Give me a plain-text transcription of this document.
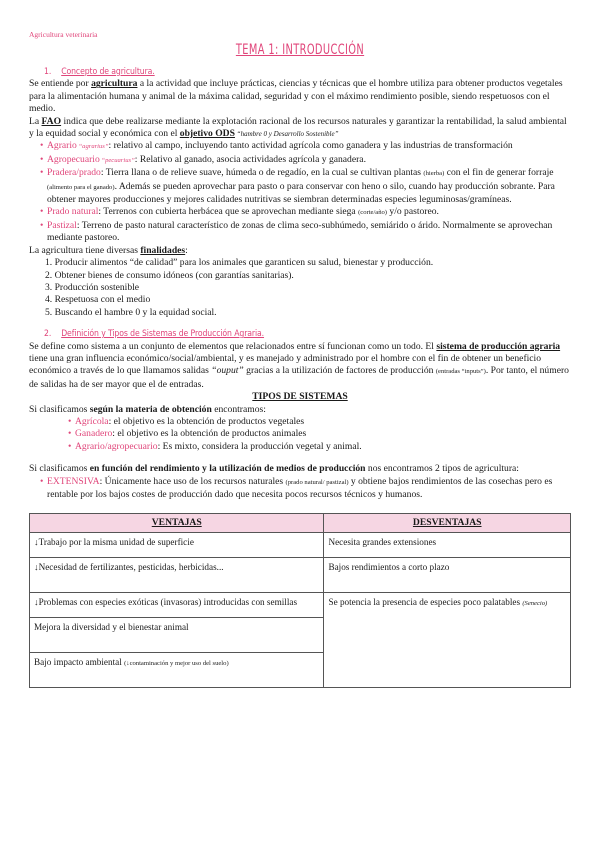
Agricultura veterinaria
TEMA 1: INTRODUCCIÓN
1. Concepto de agricultura.

Se entiende por agricultura a la actividad que incluye prácticas, ciencias y técnicas que el hombre utiliza para obtener productos vegetales para la alimentación humana y animal de la máxima calidad, seguridad y con el máximo rendimiento posible, siendo respetuosos con el medio.

La FAO indica que debe realizarse mediante la explotación racional de los recursos naturales y garantizar la rentabilidad, la salud ambiental y la equidad social y económica con el objetivo ODS “hambre 0 y Desarrollo Sostenible”

• Agrario “agrarius”: relativo al campo, incluyendo tanto actividad agrícola como ganadera y las industrias de transformación
• Agropecuario “pecuarius”: Relativo al ganado, asocia actividades agrícola y ganadera.
• Pradera/prado: Tierra llana o de relieve suave, húmeda o de regadío, en la cual se cultivan plantas (hierba) con el fin de generar forraje (alimento para el ganado). Además se pueden aprovechar para pasto o para conservar con heno o silo, cuando hay producción sobrante. Para obtener mayores producciones y mejores calidades nutritivas se siembran determinadas especies leguminosas/gramíneas.
• Prado natural: Terrenos con cubierta herbácea que se aprovechan mediante siega (corte/año) y/o pastoreo.
• Pastizal: Terreno de pasto natural característico de zonas de clima seco-subhúmedo, semiárido o árido. Normalmente se aprovechan mediante pastoreo.

La agricultura tiene diversas finalidades:

1. Producir alimentos “de calidad” para los animales que garanticen su salud, bienestar y producción.
2. Obtener bienes de consumo idóneos (con garantías sanitarias).
3. Producción sostenible
4. Respetuosa con el medio
5. Buscando el hambre 0 y la equidad social.
2. Definición y Tipos de Sistemas de Producción Agraria.

Se define como sistema a un conjunto de elementos que relacionados entre sí funcionan como un todo. El sistema de producción agraria tiene una gran influencia económico/social/ambiental, y es manejado y administrado por el hombre con el fin de obtener un beneficio económico a través de lo que llamamos salidas “ouput” gracias a la utilización de factores de producción (entradas “inputs”). Por tanto, el número de salidas ha de ser mayor que el de entradas.

TIPOS DE SISTEMAS

Si clasificamos según la materia de obtención encontramos:

• Agrícola: el objetivo es la obtención de productos vegetales
• Ganadero: el objetivo es la obtención de productos animales
• Agrario/agropecuario: Es mixto, considera la producción vegetal y animal.

Si clasificamos en función del rendimiento y la utilización de medios de producción nos encontramos 2 tipos de agricultura:

• EXTENSIVA: Únicamente hace uso de los recursos naturales (prado natural/ pastizal) y obtiene bajos rendimientos de las cosechas pero es rentable por los bajos costes de producción dado que necesita pocos recursos técnicos y humanos.
VENTAJAS	DESVENTAJAS
↓Trabajo por la misma unidad de superficie	Necesita grandes extensiones
↓Necesidad de fertilizantes, pesticidas, herbicidas...	Bajos rendimientos a corto plazo
↓Problemas con especies exóticas (invasoras) introducidas con semillas	Se potencia la presencia de especies poco palatables (Senecio)
Mejora la diversidad y el bienestar animal	
Bajo impacto ambiental (↓contaminación y mejor uso del suelo)	
